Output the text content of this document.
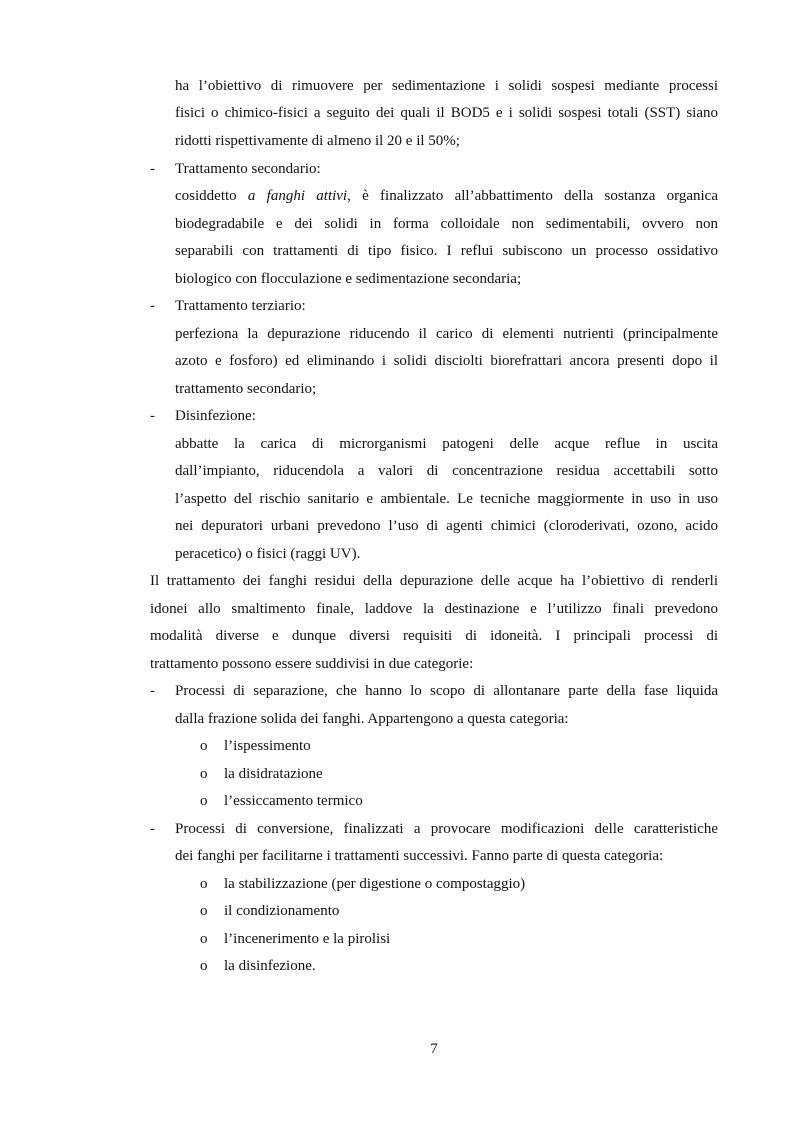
ha l’obiettivo di rimuovere per sedimentazione i solidi sospesi mediante processi
fisici o chimico-fisici a seguito dei quali il BOD5 e i solidi sospesi totali (SST) siano
ridotti rispettivamente di almeno il 20 e il 50%;
- Trattamento secondario:
cosiddetto a fanghi attivi, è finalizzato all’abbattimento della sostanza organica
biodegradabile e dei solidi in forma colloidale non sedimentabili, ovvero non
separabili con trattamenti di tipo fisico. I reflui subiscono un processo ossidativo
biologico con flocculazione e sedimentazione secondaria;
- Trattamento terziario:
perfeziona la depurazione riducendo il carico di elementi nutrienti (principalmente
azoto e fosforo) ed eliminando i solidi disciolti biorefrattari ancora presenti dopo il
trattamento secondario;
- Disinfezione:
abbatte la carica di microrganismi patogeni delle acque reflue in uscita
dall’impianto, riducendola a valori di concentrazione residua accettabili sotto
l’aspetto del rischio sanitario e ambientale. Le tecniche maggiormente in uso in uso
nei depuratori urbani prevedono l’uso di agenti chimici (cloroderivati, ozono, acido
peracetico) o fisici (raggi UV).
Il trattamento dei fanghi residui della depurazione delle acque ha l’obiettivo di renderli
idonei allo smaltimento finale, laddove la destinazione e l’utilizzo finali prevedono
modalità diverse e dunque diversi requisiti di idoneità. I principali processi di
trattamento possono essere suddivisi in due categorie:
- Processi di separazione, che hanno lo scopo di allontanare parte della fase liquida
dalla frazione solida dei fanghi. Appartengono a questa categoria:
o l’ispessimento
o la disidratazione
o l’essiccamento termico
- Processi di conversione, finalizzati a provocare modificazioni delle caratteristiche
dei fanghi per facilitarne i trattamenti successivi. Fanno parte di questa categoria:
o la stabilizzazione (per digestione o compostaggio)
o il condizionamento
o l’incenerimento e la pirolisi
o la disinfezione.
7
